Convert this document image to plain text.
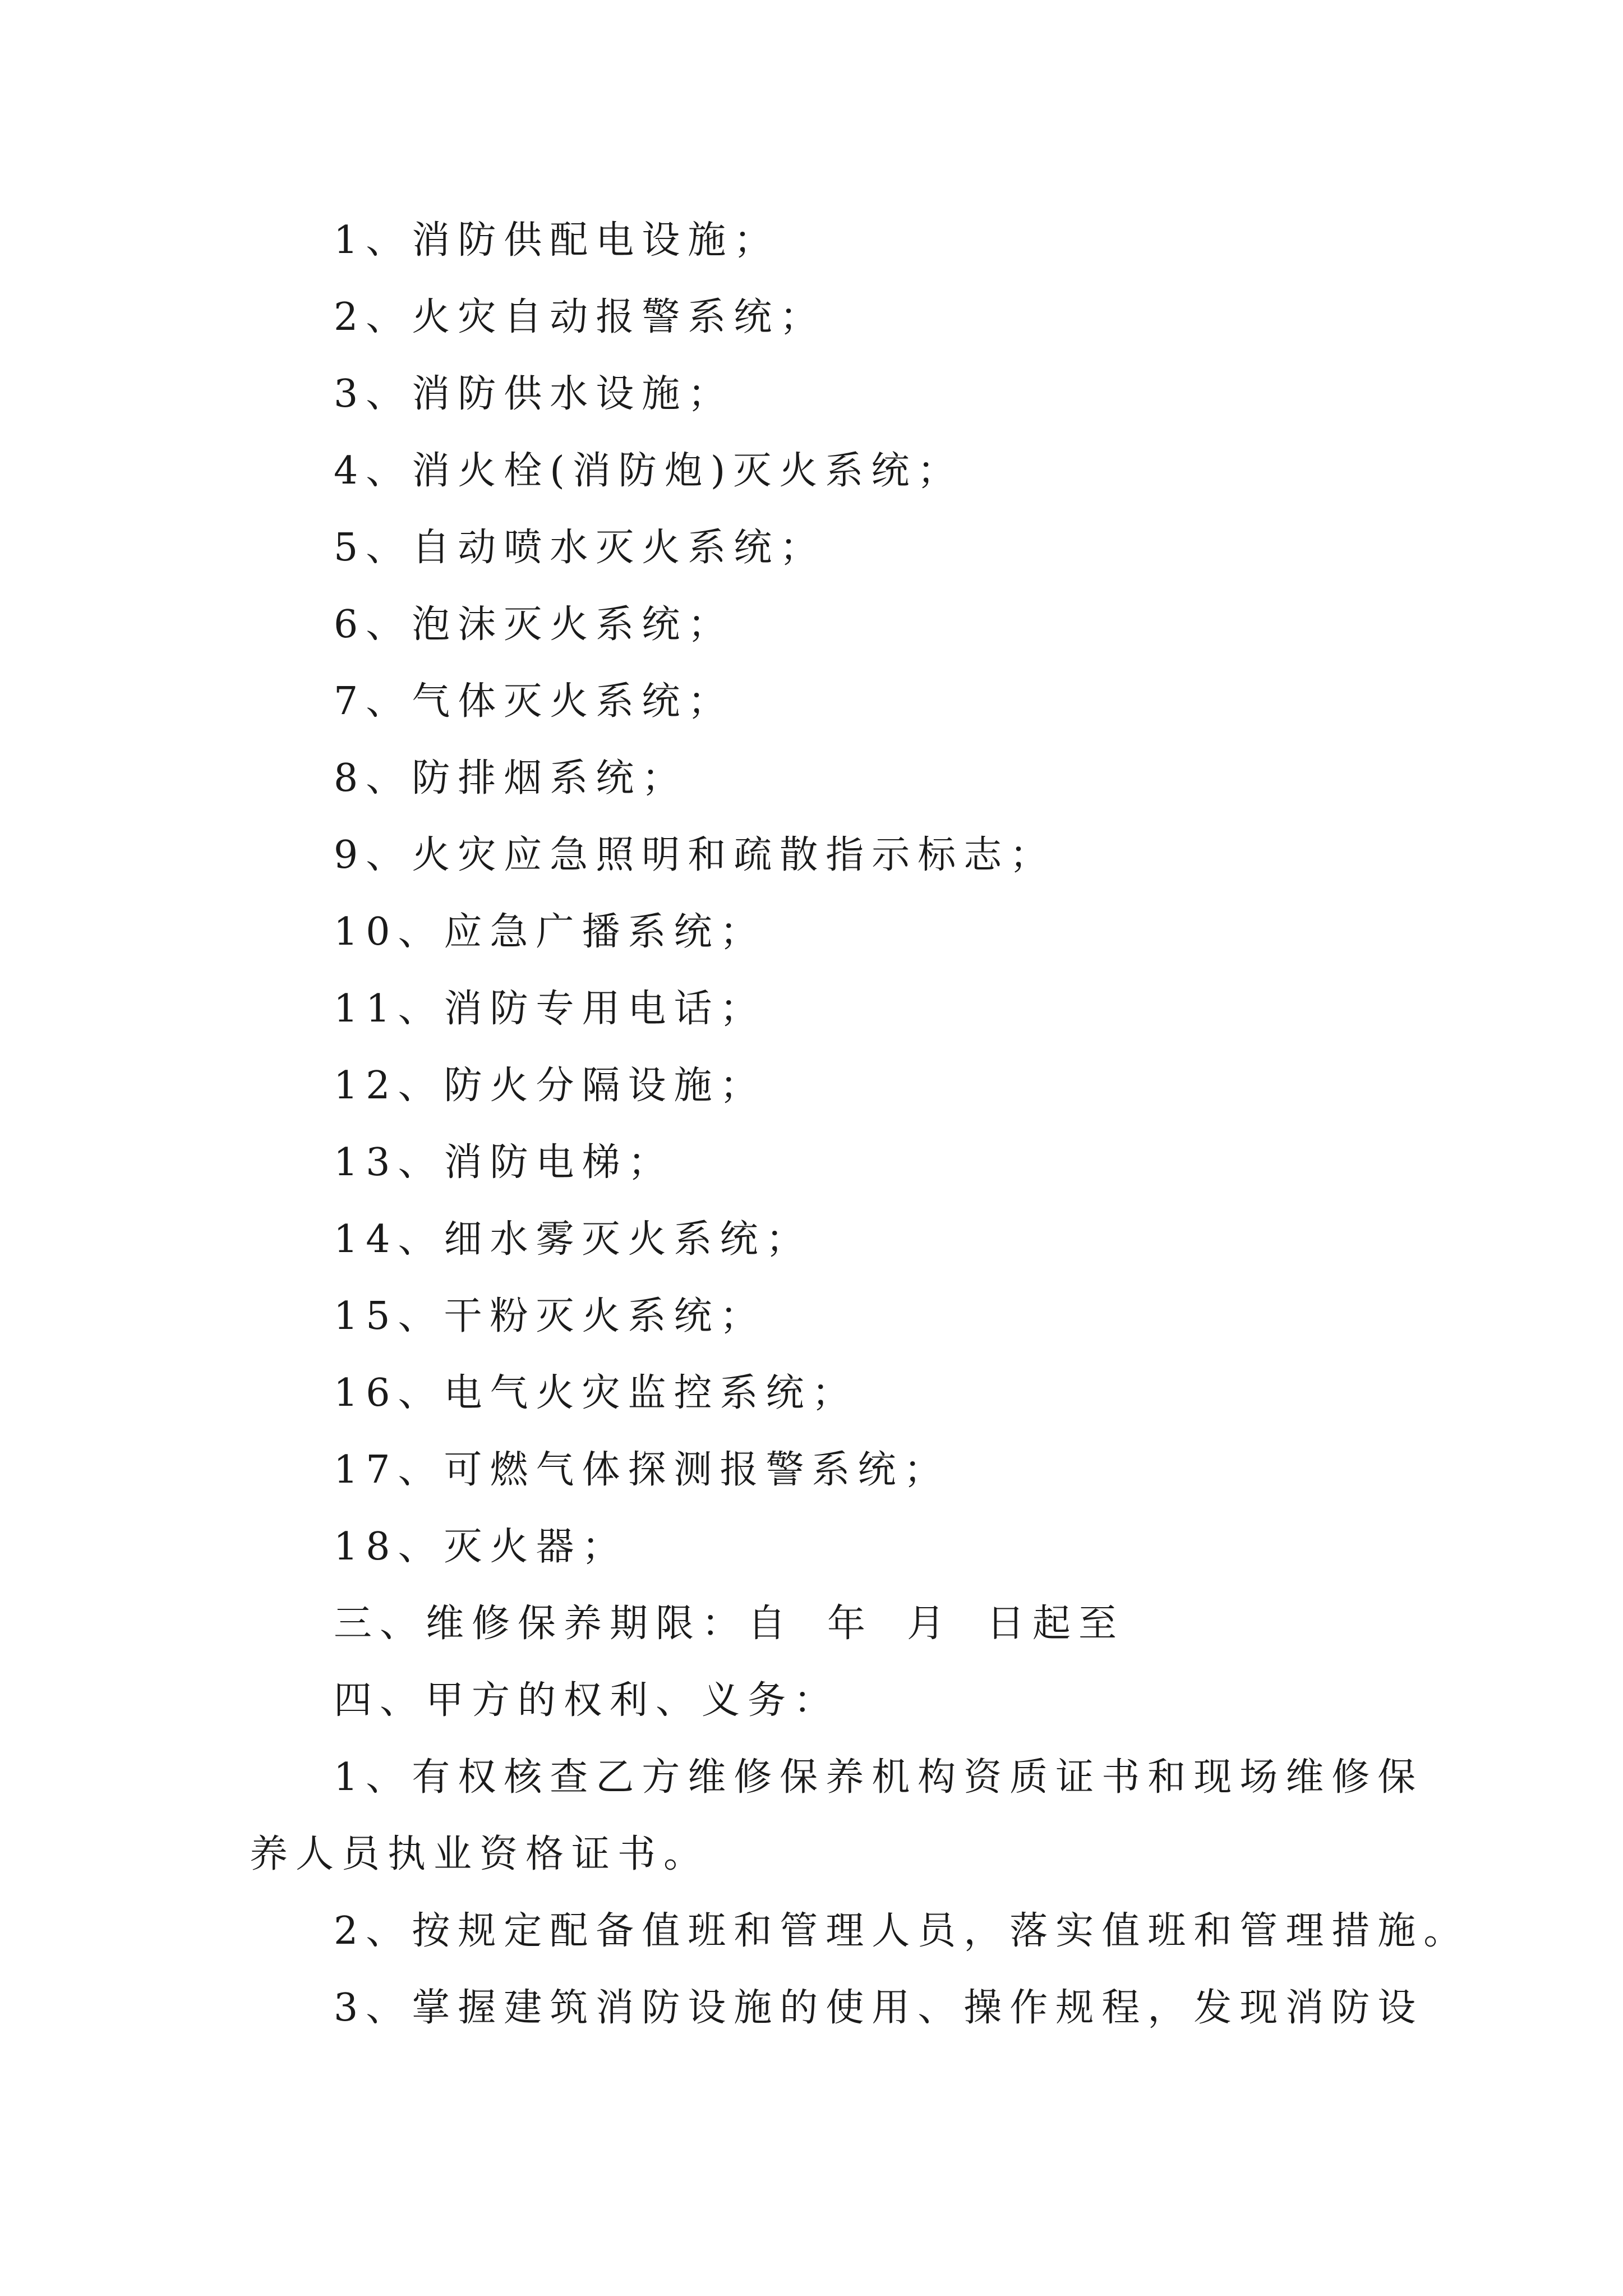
1、消防供配电设施；
2、火灾自动报警系统；
3、消防供水设施；
4、消火栓(消防炮)灭火系统；
5、自动喷水灭火系统；
6、泡沫灭火系统；
7、气体灭火系统；
8、防排烟系统；
9、火灾应急照明和疏散指示标志；
10、应急广播系统；
11、消防专用电话；
12、防火分隔设施；
13、消防电梯；
14、细水雾灭火系统；
15、干粉灭火系统；
16、电气火灾监控系统；
17、可燃气体探测报警系统；
18、灭火器；
三、维修保养期限：自 年 月 日起至
四、甲方的权利、义务：
1、有权核查乙方维修保养机构资质证书和现场维修保
养人员执业资格证书。
2、按规定配备值班和管理人员，落实值班和管理措施。
3、掌握建筑消防设施的使用、操作规程，发现消防设
